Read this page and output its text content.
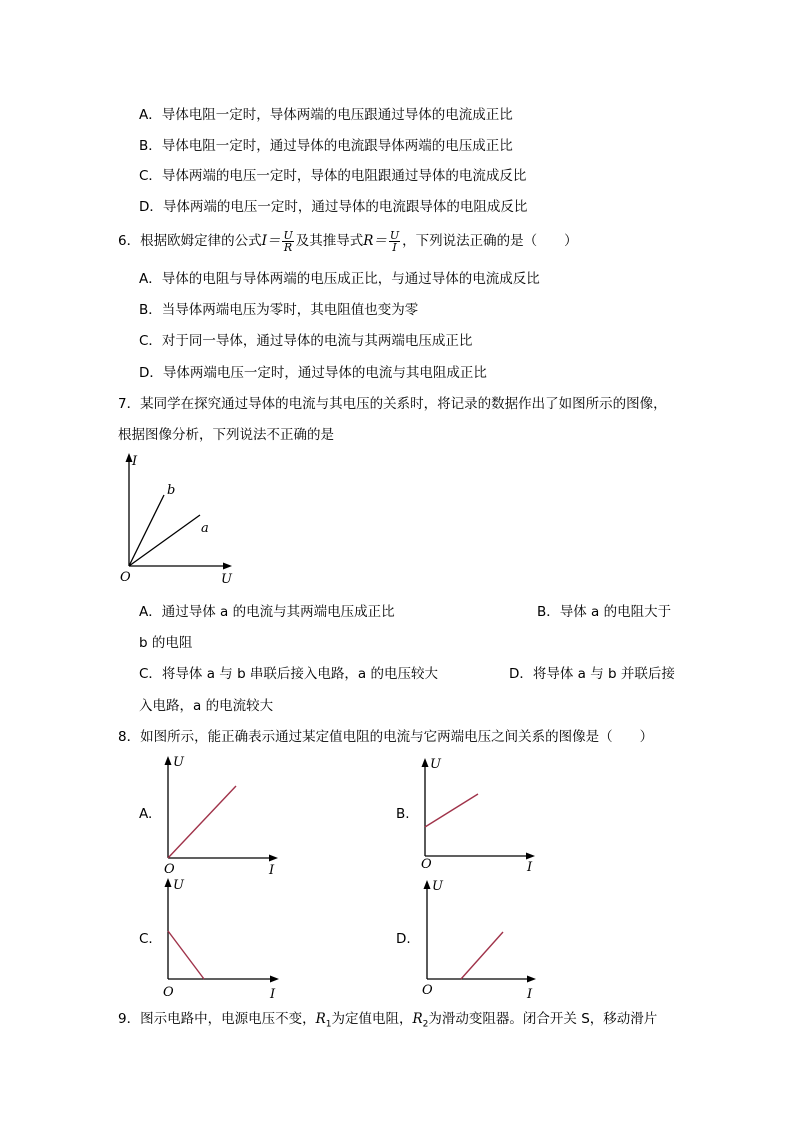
A．导体电阻一定时，导体两端的电压跟通过导体的电流成正比
B．导体电阻一定时，通过导体的电流跟导体两端的电压成正比
C．导体两端的电压一定时，导体的电阻跟通过导体的电流成反比
D．导体两端的电压一定时，通过导体的电流跟导体的电阻成反比
6．根据欧姆定律的公式$I= \frac{U}{R}$ 及其推导式$R= \frac{U}{I}$ ，下列说法正确的是（　　）
A．导体的电阻与导体两端的电压成正比，与通过导体的电流成反比
B．当导体两端电压为零时，其电阻值也变为零
C．对于同一导体，通过导体的电流与其两端电压成正比
D．导体两端电压一定时，通过导体的电流与其电阻成正比
7．某同学在探究通过导体的电流与其电压的关系时，将记录的数据作出了如图所示的图像，
根据图像分析，下列说法不正确的是
I
U
O
b
a
A．通过导体 a 的电流与其两端电压成正比	B．导体 a 的电阻大于
b 的电阻
C．将导体 a 与 b 串联后接入电路，a 的电压较大	D．将导体 a 与 b 并联后接
入电路，a 的电流较大
8．如图所示，能正确表示通过某定值电阻的电流与它两端电压之间关系的图像是（　　）
A.	B.
C.	D.
U
I
O
U
I
O
U
I
O
U
I
O
9．图示电路中，电源电压不变，$R_1$为定值电阻，$R_2$为滑动变阻器。闭合开关 S，移动滑片
